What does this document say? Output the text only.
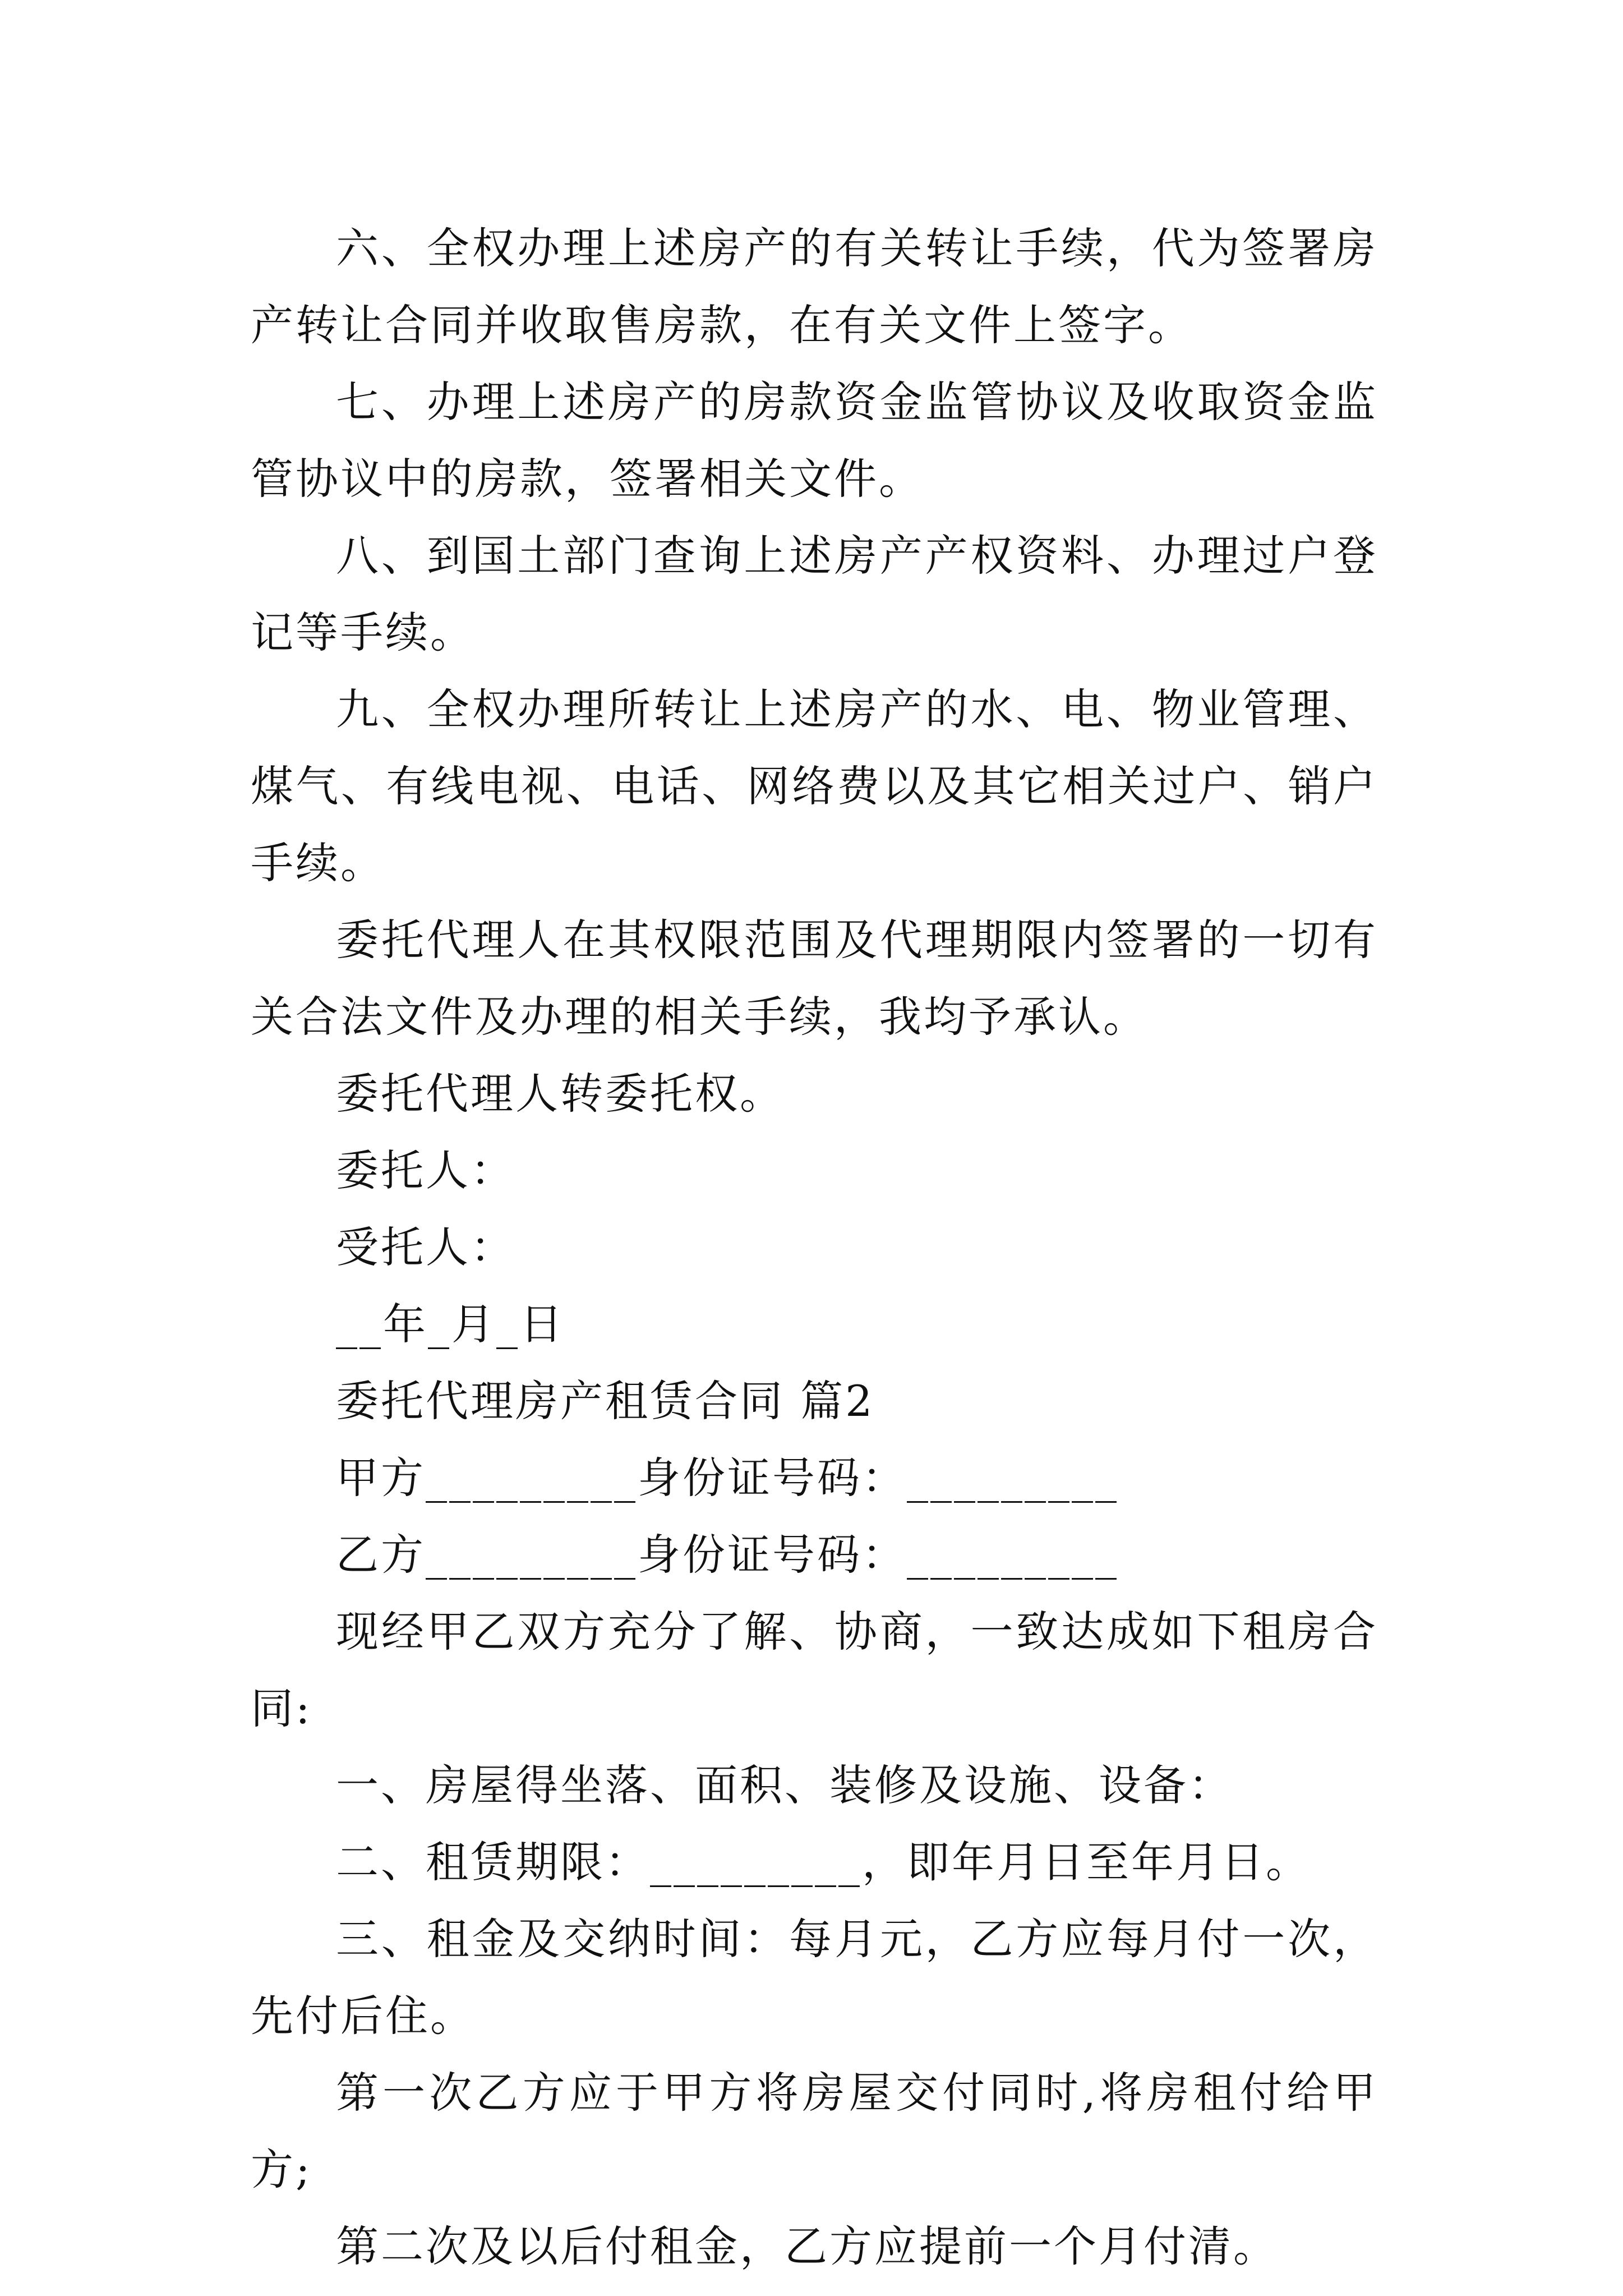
六、全权办理上述房产的有关转让手续，代为签署房产转让合同并收取售房款，在有关文件上签字。

七、办理上述房产的房款资金监管协议及收取资金监管协议中的房款，签署相关文件。

八、到国土部门查询上述房产产权资料、办理过户登记等手续。

九、全权办理所转让上述房产的水、电、物业管理、煤气、有线电视、电话、网络费以及其它相关过户、销户手续。

委托代理人在其权限范围及代理期限内签署的一切有关合法文件及办理的相关手续，我均予承认。

委托代理人转委托权。

委托人：

受托人：

__年_月_日

委托代理房产租赁合同 篇2

甲方_________身份证号码：_________

乙方_________身份证号码：_________

现经甲乙双方充分了解、协商，一致达成如下租房合同:

一、房屋得坐落、面积、装修及设施、设备：

二、租赁期限：_________，即年月日至年月日。

三、租金及交纳时间：每月元，乙方应每月付一次，先付后住。

第一次乙方应于甲方将房屋交付同时,将房租付给甲方;

第二次及以后付租金，乙方应提前一个月付清。
